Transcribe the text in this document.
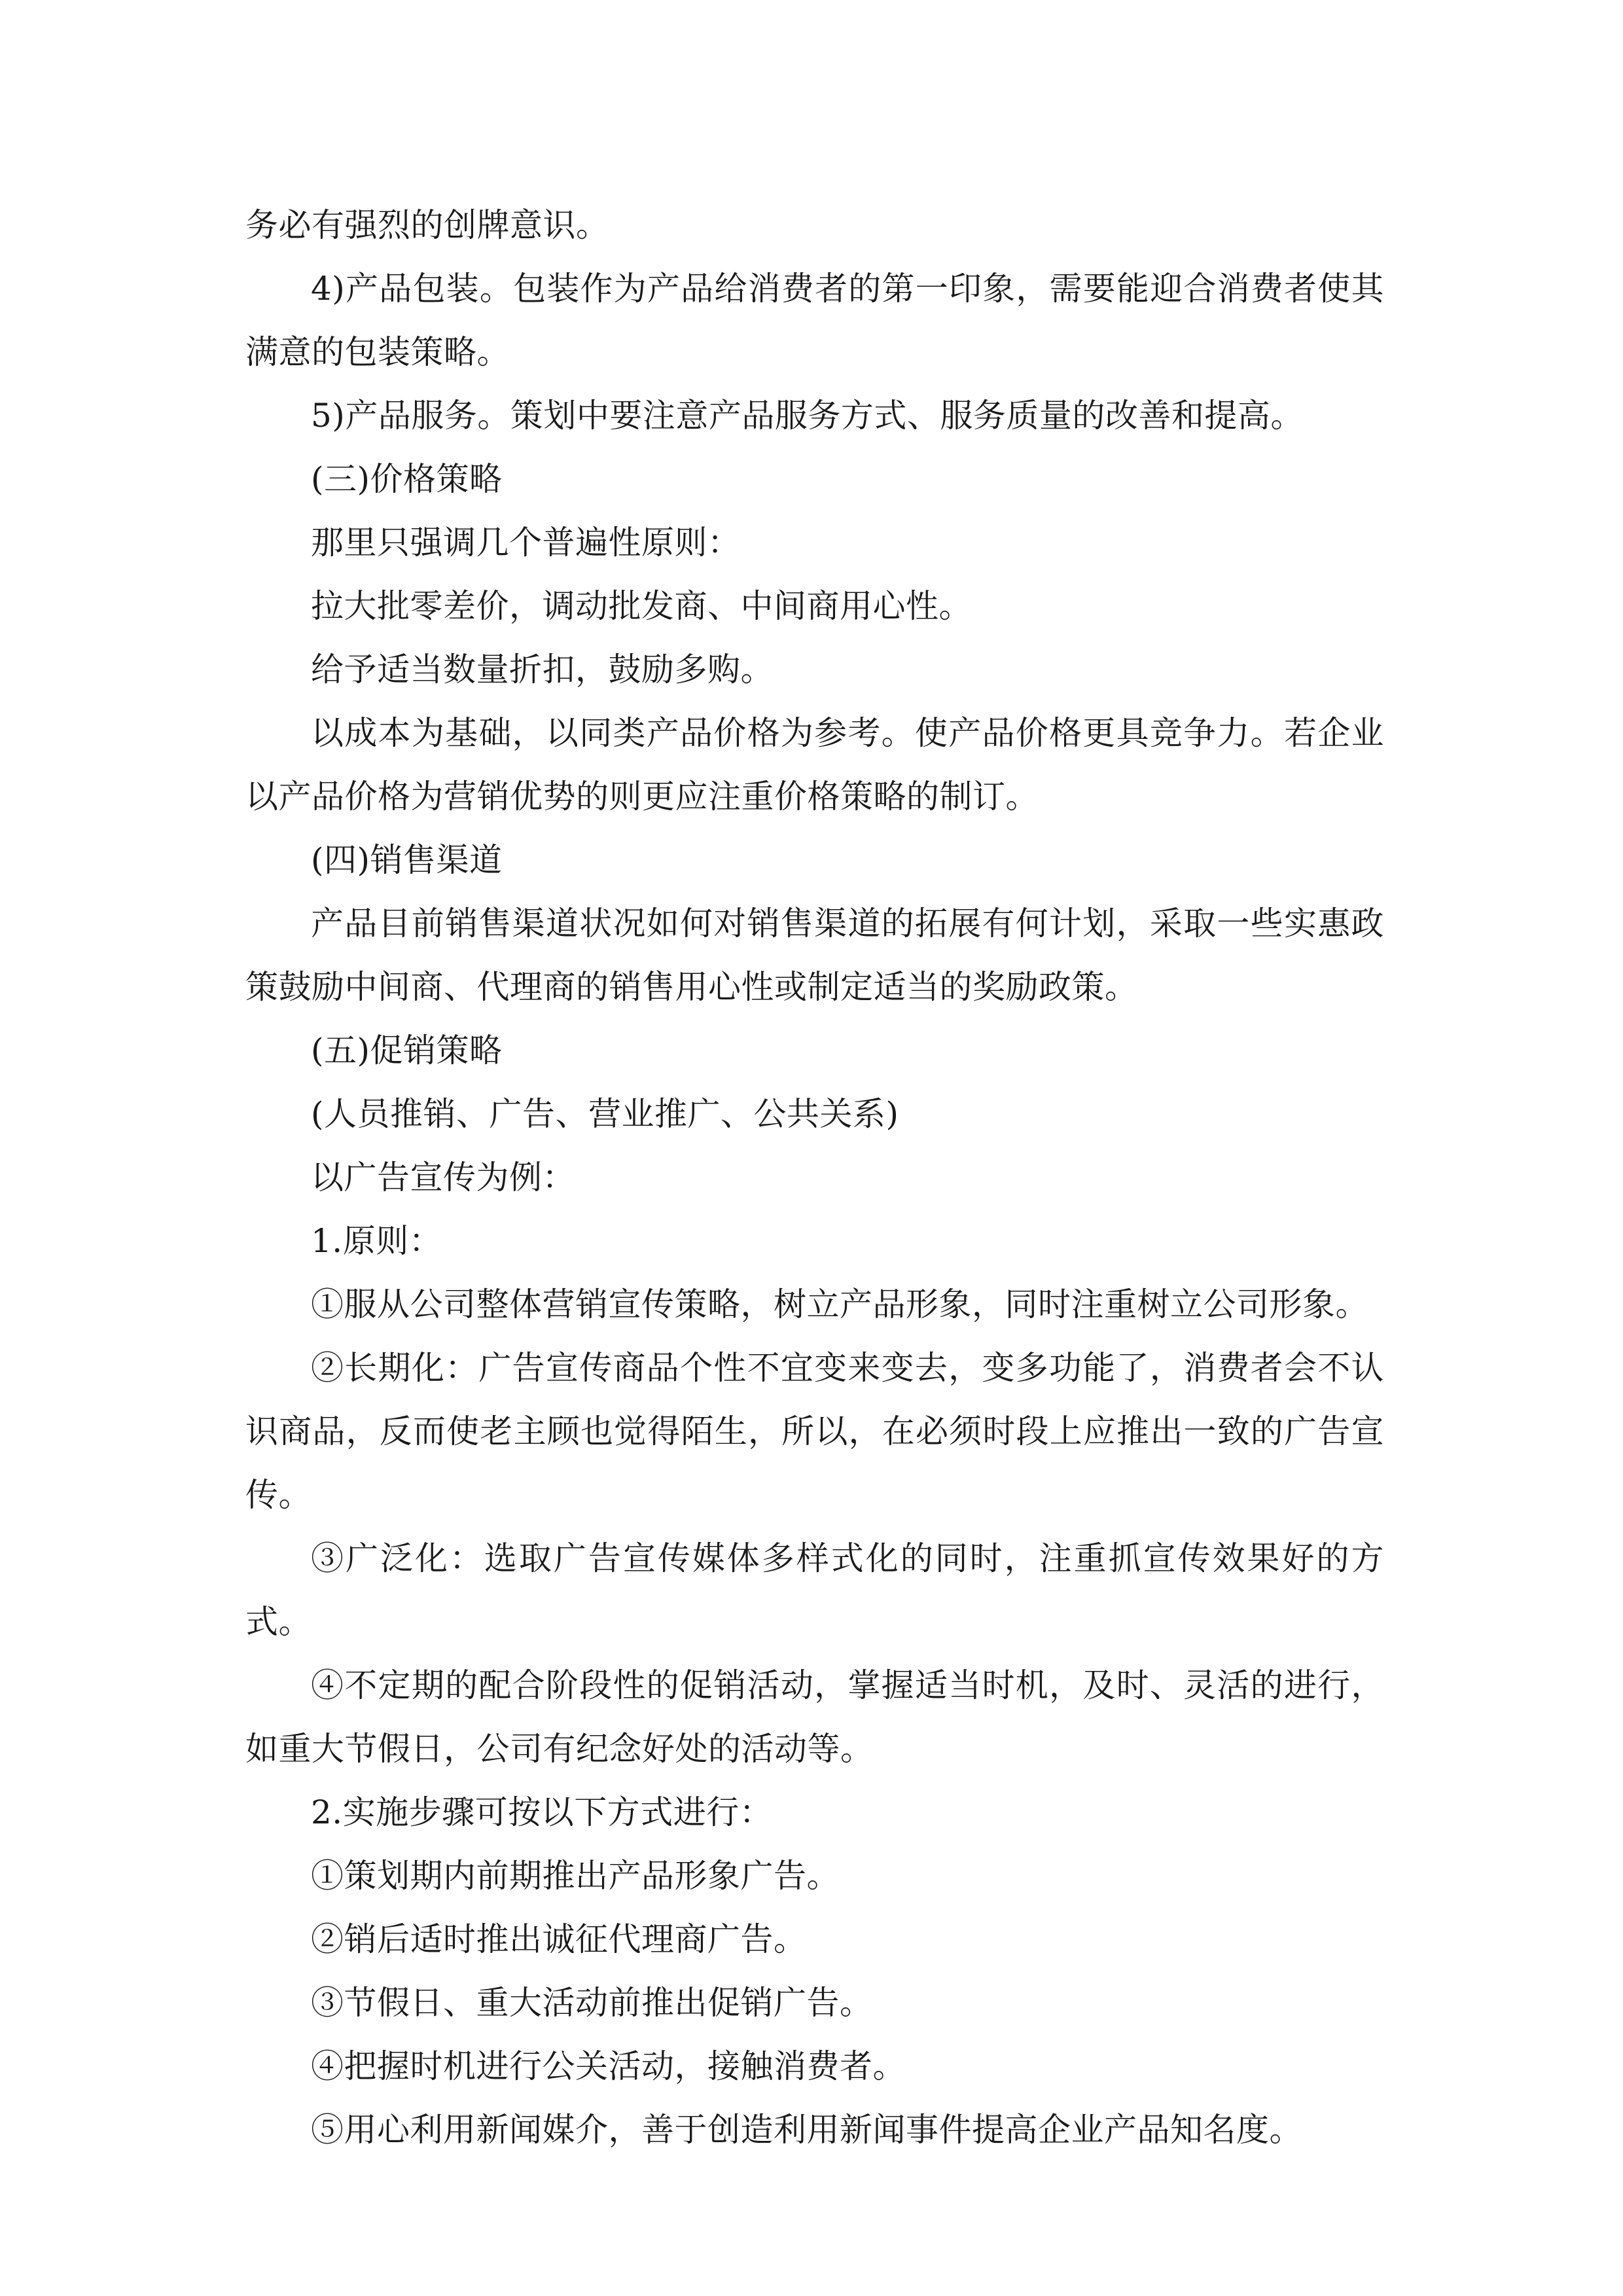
务必有强烈的创牌意识。

4)产品包装。包装作为产品给消费者的第一印象，需要能迎合消费者使其满意的包装策略。

5)产品服务。策划中要注意产品服务方式、服务质量的改善和提高。

(三)价格策略

那里只强调几个普遍性原则：

拉大批零差价，调动批发商、中间商用心性。

给予适当数量折扣，鼓励多购。

以成本为基础，以同类产品价格为参考。使产品价格更具竞争力。若企业以产品价格为营销优势的则更应注重价格策略的制订。

(四)销售渠道

产品目前销售渠道状况如何对销售渠道的拓展有何计划，采取一些实惠政策鼓励中间商、代理商的销售用心性或制定适当的奖励政策。

(五)促销策略

(人员推销、广告、营业推广、公共关系)

以广告宣传为例：

1.原则：

①服从公司整体营销宣传策略，树立产品形象，同时注重树立公司形象。

②长期化：广告宣传商品个性不宜变来变去，变多功能了，消费者会不认识商品，反而使老主顾也觉得陌生，所以，在必须时段上应推出一致的广告宣传。

③广泛化：选取广告宣传媒体多样式化的同时，注重抓宣传效果好的方式。

④不定期的配合阶段性的促销活动，掌握适当时机，及时、灵活的进行，如重大节假日，公司有纪念好处的活动等。

2.实施步骤可按以下方式进行：

①策划期内前期推出产品形象广告。

②销后适时推出诚征代理商广告。

③节假日、重大活动前推出促销广告。

④把握时机进行公关活动，接触消费者。

⑤用心利用新闻媒介，善于创造利用新闻事件提高企业产品知名度。
